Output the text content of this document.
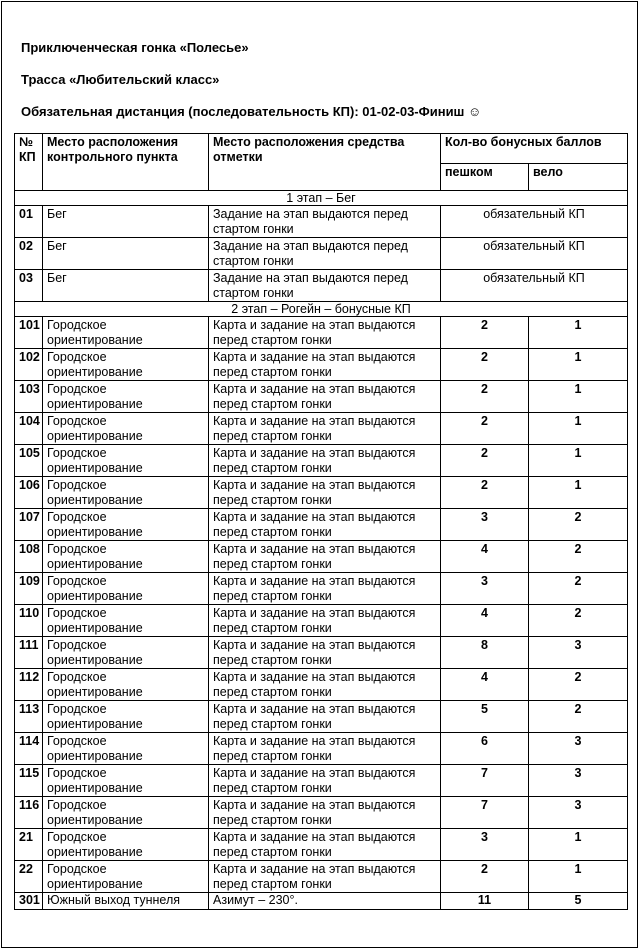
Приключенческая гонка «Полесье»
Трасса «Любительский класс»
Обязательная дистанция (последовательность КП): 01-02-03-Финиш ☺
№ КП	Место расположения контрольного пункта	Место расположения средства отметки	Кол-во бонусных баллов	
			пешком	вело
1 этап – Бег				
01	Бег	Задание на этап выдаются перед стартом гонки	обязательный КП	
02	Бег	Задание на этап выдаются перед стартом гонки	обязательный КП	
03	Бег	Задание на этап выдаются перед стартом гонки	обязательный КП	
2 этап – Рогейн – бонусные КП				
101	Городское ориентирование	Карта и задание на этап выдаются перед стартом гонки	2	1
102	Городское ориентирование	Карта и задание на этап выдаются перед стартом гонки	2	1
103	Городское ориентирование	Карта и задание на этап выдаются перед стартом гонки	2	1
104	Городское ориентирование	Карта и задание на этап выдаются перед стартом гонки	2	1
105	Городское ориентирование	Карта и задание на этап выдаются перед стартом гонки	2	1
106	Городское ориентирование	Карта и задание на этап выдаются перед стартом гонки	2	1
107	Городское ориентирование	Карта и задание на этап выдаются перед стартом гонки	3	2
108	Городское ориентирование	Карта и задание на этап выдаются перед стартом гонки	4	2
109	Городское ориентирование	Карта и задание на этап выдаются перед стартом гонки	3	2
110	Городское ориентирование	Карта и задание на этап выдаются перед стартом гонки	4	2
111	Городское ориентирование	Карта и задание на этап выдаются перед стартом гонки	8	3
112	Городское ориентирование	Карта и задание на этап выдаются перед стартом гонки	4	2
113	Городское ориентирование	Карта и задание на этап выдаются перед стартом гонки	5	2
114	Городское ориентирование	Карта и задание на этап выдаются перед стартом гонки	6	3
115	Городское ориентирование	Карта и задание на этап выдаются перед стартом гонки	7	3
116	Городское ориентирование	Карта и задание на этап выдаются перед стартом гонки	7	3
21	Городское ориентирование	Карта и задание на этап выдаются перед стартом гонки	3	1
22	Городское ориентирование	Карта и задание на этап выдаются перед стартом гонки	2	1
301	Южный выход туннеля	Азимут – 230°.	11	5
